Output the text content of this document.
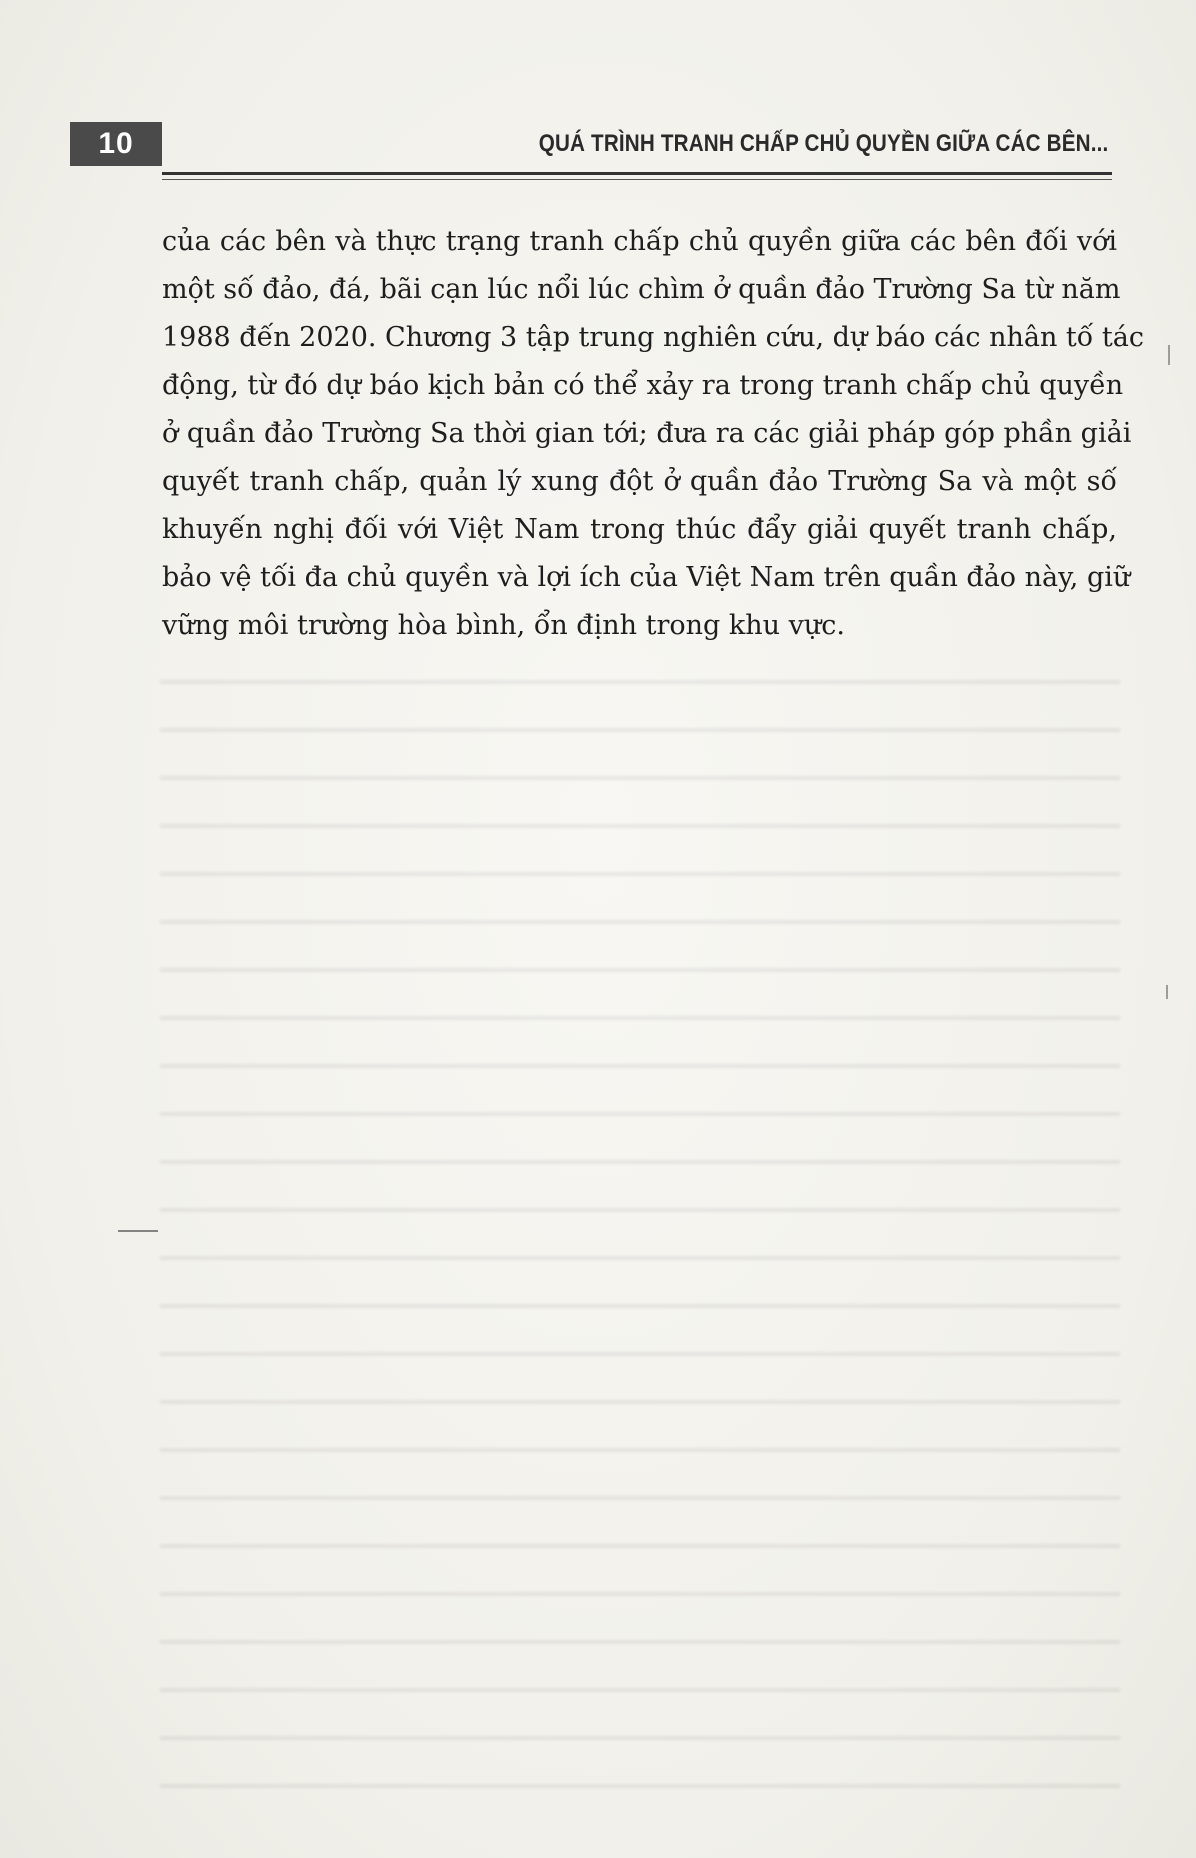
10	QUÁ TRÌNH TRANH CHẤP CHỦ QUYỀN GIỮA CÁC BÊN...
của các bên và thực trạng tranh chấp chủ quyền giữa các bên đối với
một số đảo, đá, bãi cạn lúc nổi lúc chìm ở quần đảo Trường Sa từ năm
1988 đến 2020. Chương 3 tập trung nghiên cứu, dự báo các nhân tố tác
động, từ đó dự báo kịch bản có thể xảy ra trong tranh chấp chủ quyền
ở quần đảo Trường Sa thời gian tới; đưa ra các giải pháp góp phần giải
quyết tranh chấp, quản lý xung đột ở quần đảo Trường Sa và một số
khuyến nghị đối với Việt Nam trong thúc đẩy giải quyết tranh chấp,
bảo vệ tối đa chủ quyền và lợi ích của Việt Nam trên quần đảo này, giữ
vững môi trường hòa bình, ổn định trong khu vực.
